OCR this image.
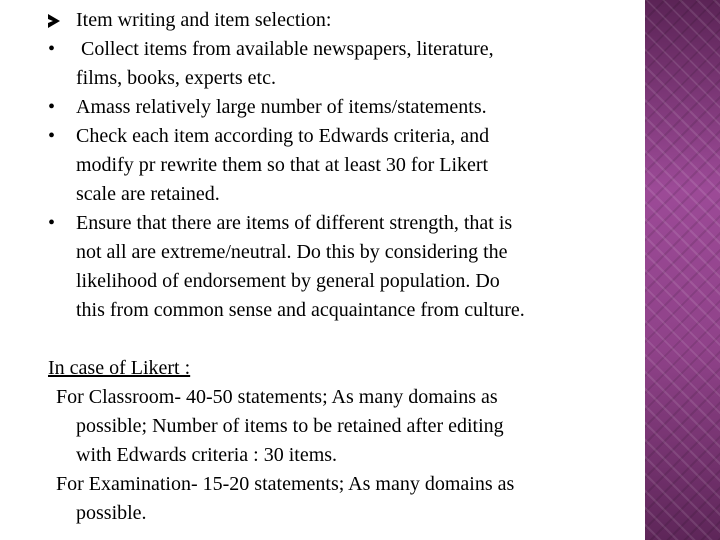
Item writing and item selection:
•	Collect items from available newspapers, literature,
films, books, experts etc.
•	Amass relatively large number of items/statements.
•	Check each item according to Edwards criteria, and
modify pr rewrite them so that at least 30 for Likert
scale are retained.
•	Ensure that there are items of different strength, that is
not all are extreme/neutral. Do this by considering the
likelihood of endorsement by general population. Do
this from common sense and acquaintance from culture.
In case of Likert :
For Classroom- 40-50 statements; As many domains as
possible; Number of items to be retained after editing
with Edwards criteria : 30 items.
For Examination- 15-20 statements; As many domains as
possible.
